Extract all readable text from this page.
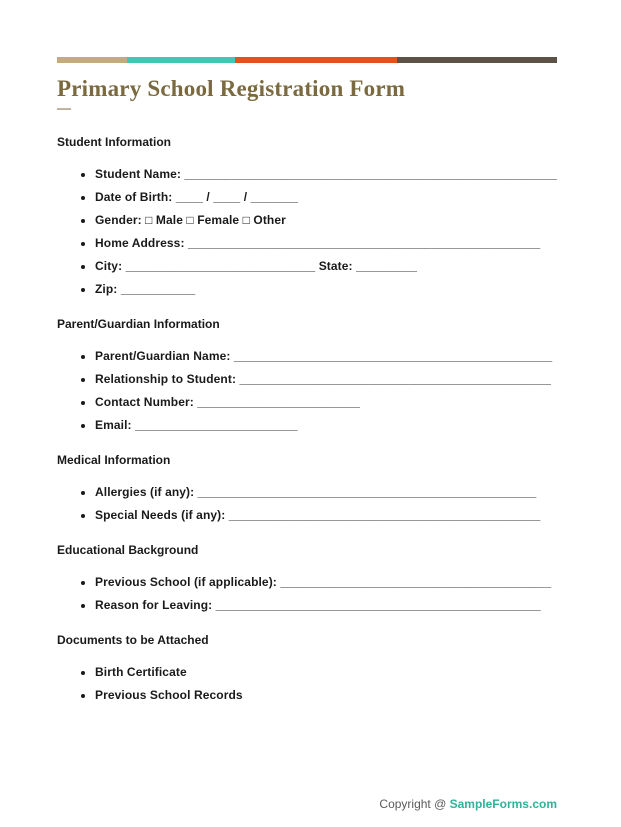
Primary School Registration Form
—
Student Information
• Student Name: _______________________________________________________
• Date of Birth: ____ / ____ / _______
• Gender: □ Male □ Female □ Other
• Home Address: ____________________________________________________
• City: ____________________________ State: _________
• Zip: ___________
Parent/Guardian Information
• Parent/Guardian Name: _______________________________________________
• Relationship to Student: ______________________________________________
• Contact Number: ________________________
• Email: ________________________
Medical Information
• Allergies (if any): __________________________________________________
• Special Needs (if any): ______________________________________________
Educational Background
• Previous School (if applicable): ________________________________________
• Reason for Leaving: ________________________________________________
Documents to be Attached
• Birth Certificate
• Previous School Records
Copyright @ SampleForms.com
